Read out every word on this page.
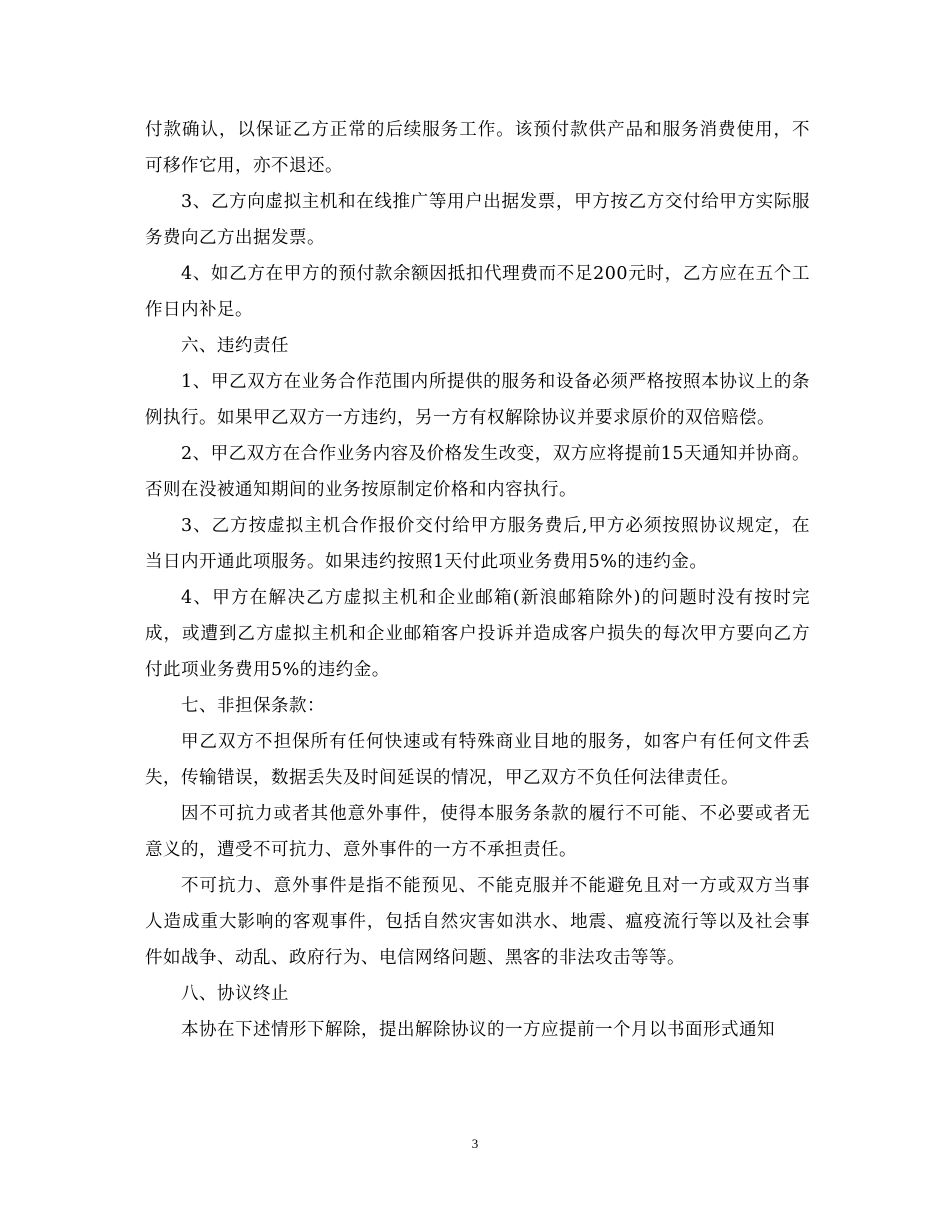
付款确认，以保证乙方正常的后续服务工作。该预付款供产品和服务消费使用，不可移作它用，亦不退还。

3、乙方向虚拟主机和在线推广等用户出据发票，甲方按乙方交付给甲方实际服务费向乙方出据发票。

4、如乙方在甲方的预付款余额因抵扣代理费而不足200元时，乙方应在五个工作日内补足。

六、违约责任

1、甲乙双方在业务合作范围内所提供的服务和设备必须严格按照本协议上的条例执行。如果甲乙双方一方违约，另一方有权解除协议并要求原价的双倍赔偿。

2、甲乙双方在合作业务内容及价格发生改变，双方应将提前15天通知并协商。否则在没被通知期间的业务按原制定价格和内容执行。

3、乙方按虚拟主机合作报价交付给甲方服务费后,甲方必须按照协议规定，在当日内开通此项服务。如果违约按照1天付此项业务费用5%的违约金。

4、甲方在解决乙方虚拟主机和企业邮箱(新浪邮箱除外)的问题时没有按时完成，或遭到乙方虚拟主机和企业邮箱客户投诉并造成客户损失的每次甲方要向乙方付此项业务费用5%的违约金。

七、非担保条款：

甲乙双方不担保所有任何快速或有特殊商业目地的服务，如客户有任何文件丢失，传输错误，数据丢失及时间延误的情况，甲乙双方不负任何法律责任。

因不可抗力或者其他意外事件，使得本服务条款的履行不可能、不必要或者无意义的，遭受不可抗力、意外事件的一方不承担责任。

不可抗力、意外事件是指不能预见、不能克服并不能避免且对一方或双方当事人造成重大影响的客观事件，包括自然灾害如洪水、地震、瘟疫流行等以及社会事件如战争、动乱、政府行为、电信网络问题、黑客的非法攻击等等。

八、协议终止

本协在下述情形下解除，提出解除协议的一方应提前一个月以书面形式通知

3
